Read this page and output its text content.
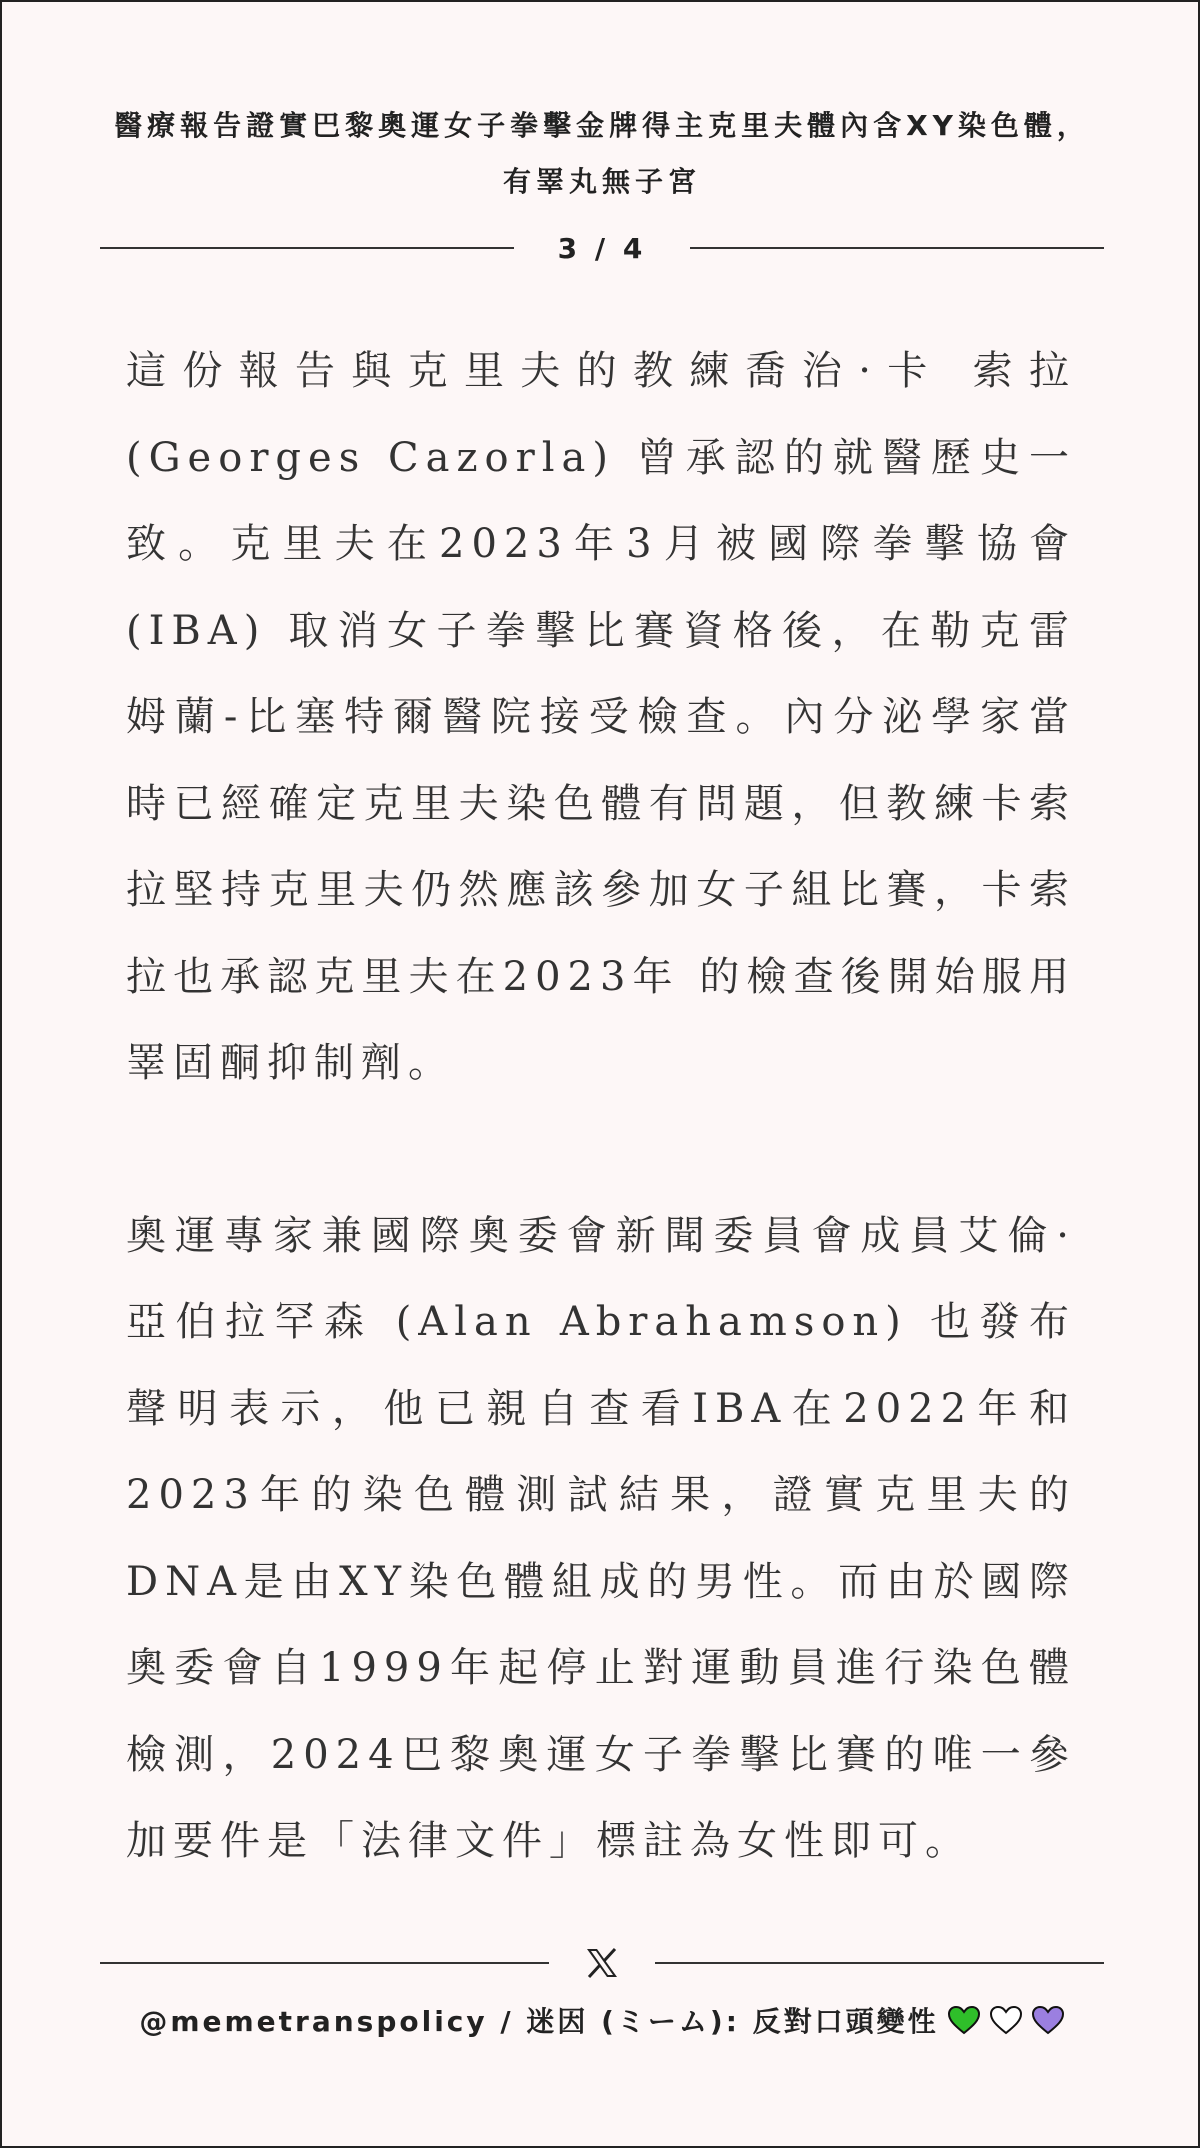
醫療報告證實巴黎奧運女子拳擊金牌得主克里夫體內含XY染色體，有睪丸無子宮
3 / 4

這份報告與克里夫的教練喬治·卡 索拉 (Georges Cazorla) 曾承認的就醫歷史一致。克里夫在2023年3月被國際拳擊協會 (IBA) 取消女子拳擊比賽資格後，在勒克雷姆蘭-比塞特爾醫院接受檢查。內分泌學家當時已經確定克里夫染色體有問題，但教練卡索拉堅持克里夫仍然應該參加女子組比賽，卡索拉也承認克里夫在2023年 的檢查後開始服用睪固酮抑制劑。

奧運專家兼國際奧委會新聞委員會成員艾倫·亞伯拉罕森 (Alan Abrahamson) 也發布聲明表示，他已親自查看IBA在2022年和2023年的染色體測試結果，證實克里夫的DNA是由XY染色體組成的男性。而由於國際奧委會自1999年起停止對運動員進行染色體檢測，2024巴黎奧運女子拳擊比賽的唯一參加要件是「法律文件」標註為女性即可。

@memetranspolicy / 迷因 (ミーム): 反對口頭變性
